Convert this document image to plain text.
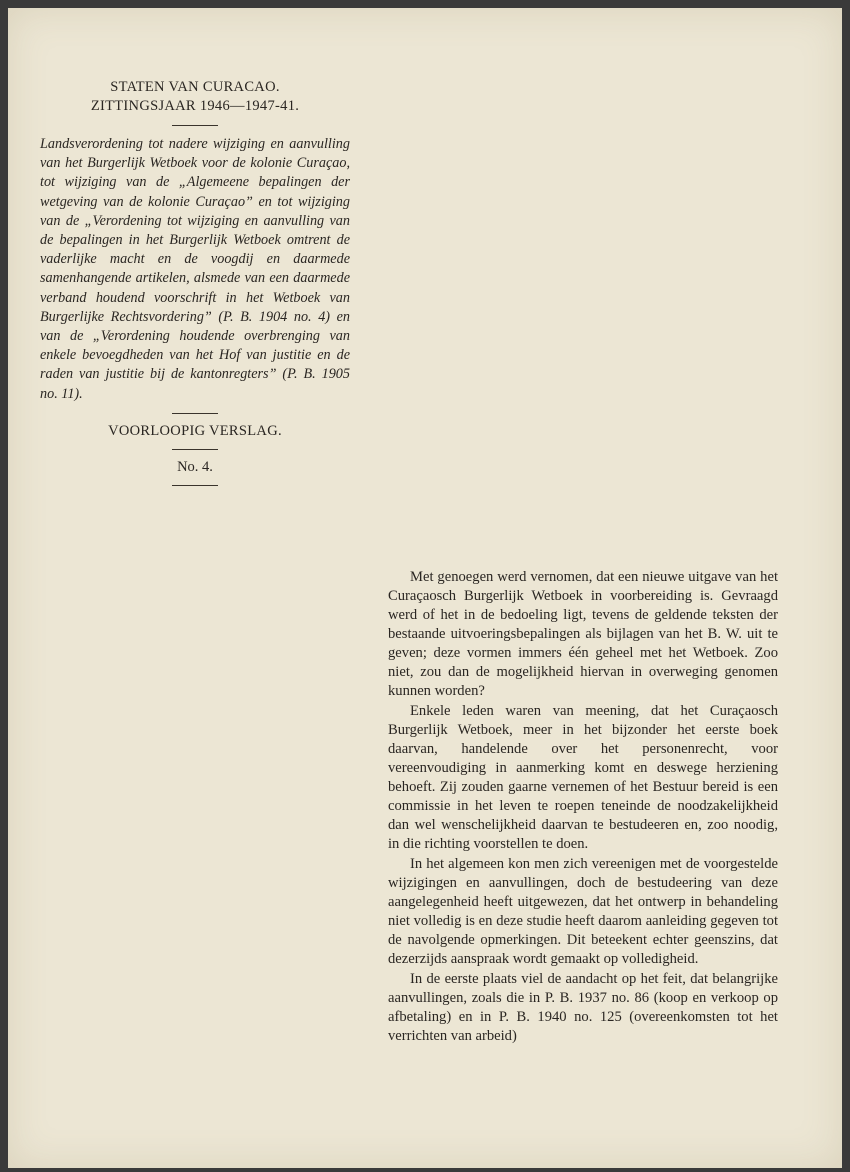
STATEN VAN CURACAO.
ZITTINGSJAAR 1946—1947-41.
Landsverordening tot nadere wijziging en aanvulling van het Burgerlijk Wetboek voor de kolonie Curaçao, tot wijziging van de „Algemeene bepalingen der wetgeving van de kolonie Curaçao” en tot wijziging van de „Verordening tot wijziging en aanvulling van de bepalingen in het Burgerlijk Wetboek omtrent de vaderlijke macht en de voogdij en daarmede samenhangende artikelen, alsmede van een daarmede verband houdend voorschrift in het Wetboek van Burgerlijke Rechtsvordering” (P. B. 1904 no. 4) en van de „Verordening houdende overbrenging van enkele bevoegdheden van het Hof van justitie en de raden van justitie bij de kantonregters” (P. B. 1905 no. 11).
VOORLOOPIG VERSLAG.
No. 4.

Met genoegen werd vernomen, dat een nieuwe uitgave van het Curaçaosch Burgerlijk Wetboek in voorbereiding is. Gevraagd werd of het in de bedoeling ligt, tevens de geldende teksten der bestaande uitvoeringsbepalingen als bijlagen van het B. W. uit te geven; deze vormen immers één geheel met het Wetboek. Zoo niet, zou dan de mogelijkheid hiervan in overweging genomen kunnen worden?

Enkele leden waren van meening, dat het Curaçaosch Burgerlijk Wetboek, meer in het bijzonder het eerste boek daarvan, handelende over het personenrecht, voor vereenvoudiging in aanmerking komt en deswege herziening behoeft. Zij zouden gaarne vernemen of het Bestuur bereid is een commissie in het leven te roepen teneinde de noodzakelijkheid dan wel wenschelijkheid daarvan te bestudeeren en, zoo noodig, in die richting voorstellen te doen.

In het algemeen kon men zich vereenigen met de voorgestelde wijzigingen en aanvullingen, doch de bestudeering van deze aangelegenheid heeft uitgewezen, dat het ontwerp in behandeling niet volledig is en deze studie heeft daarom aanleiding gegeven tot de navolgende opmerkingen. Dit beteekent echter geenszins, dat dezerzijds aanspraak wordt gemaakt op volledigheid.

In de eerste plaats viel de aandacht op het feit, dat belangrijke aanvullingen, zoals die in P. B. 1937 no. 86 (koop en verkoop op afbetaling) en in P. B. 1940 no. 125 (overeenkomsten tot het verrichten van arbeid)
